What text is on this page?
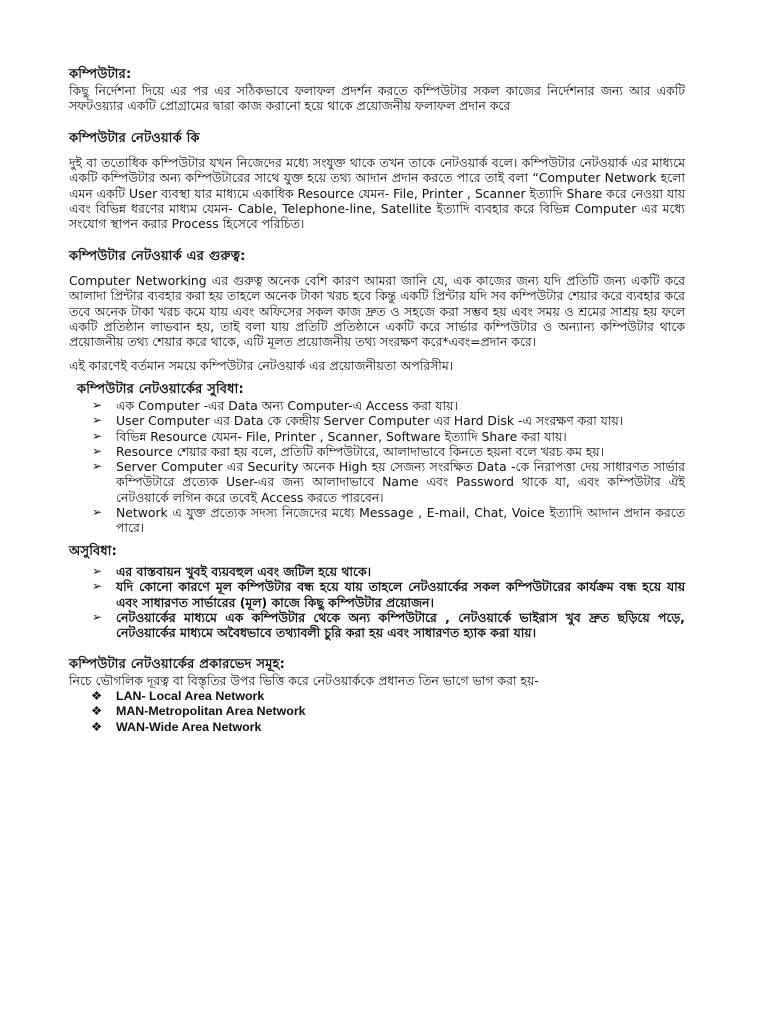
কম্পিউটার:

কিছু নির্দেশনা দিয়ে এর পর এর সঠিকভাবে ফলাফল প্রদর্শন করতে কম্পিউটার সকল কাজের নির্দেশনার জন্য আর একটি সফটওয়্যার একটি প্রোগ্রামের দ্বারা কাজ করানো হয়ে থাকে প্রয়োজনীয় ফলাফল প্রদান করে

কম্পিউটার নেটওয়ার্ক কি

দুই বা ততোধিক কম্পিউটার যখন নিজেদের মধ্যে সংযুক্ত থাকে তখন তাকে নেটওয়ার্ক বলে। কম্পিউটার নেটওয়ার্ক এর মাধ্যমে একটি কম্পিউটার অন্য কম্পিউটারের সাথে যুক্ত হয়ে তথ্য আদান প্রদান করতে পারে তাই বলা “Computer Network হলো এমন একটি User ব্যবস্থা যার মাধ্যমে একাধিক Resource যেমন- File, Printer , Scanner ইত্যাদি Share করে নেওয়া যায় এবং বিভিন্ন ধরণের মাধ্যম যেমন- Cable, Telephone-line, Satellite ইত্যাদি ব্যবহার করে বিভিন্ন Computer এর মধ্যে সংযোগ স্থাপন করার Process হিসেবে পরিচিত।

কম্পিউটার নেটওয়ার্ক এর গুরুত্ব:

Computer Networking এর গুরুত্ব অনেক বেশি কারণ আমরা জানি যে, এক কাজের জন্য যদি প্রতিটি জন্য একটি করে আলাদা প্রিন্টার ব্যবহার করা হয় তাহলে অনেক টাকা খরচ হবে কিন্তু একটি প্রিন্টার যদি সব কম্পিউটার শেয়ার করে ব্যবহার করে তবে অনেক টাকা খরচ কমে যায় এবং অফিসের সকল কাজ দ্রুত ও সহজে করা সম্ভব হয় এবং সময় ও শ্রমের সাশ্রয় হয় ফলে একটি প্রতিষ্ঠান লাভবান হয়, তাই বলা যায় প্রতিটি প্রতিষ্ঠানে একটি করে সার্ভার কম্পিউটার ও অন্যান্য কম্পিউটার থাকে প্রয়োজনীয় তথ্য শেয়ার করে থাকে, এটি মূলত প্রয়োজনীয় তথ্য সংরক্ষণ করে*এবং=প্রদান করে।

এই কারণেই বর্তমান সময়ে কম্পিউটার নেটওয়ার্ক এর প্রয়োজনীয়তা অপরিসীম।

কম্পিউটার নেটওয়ার্কের সুবিধা:

➢ এক Computer -এর Data অন্য Computer-এ Access করা যায়।
➢ User Computer এর Data কে কেন্দ্রীয় Server Computer এর Hard Disk -এ সংরক্ষণ করা যায়।
➢ বিভিন্ন Resource যেমন- File, Printer , Scanner, Software ইত্যাদি Share করা যায়।
➢ Resource শেয়ার করা হয় বলে, প্রতিটি কম্পিউটারে, আলাদাভাবে কিনতে হয়না বলে খরচ কম হয়।
➢ Server Computer এর Security অনেক High হয় সেজন্য সংরক্ষিত Data -কে নিরাপত্তা দেয় সাধারণত সার্ভার কম্পিউটারে প্রত্যেক User-এর জন্য আলাদাভাবে Name এবং Password থাকে যা, এবং কম্পিউটার ঐই নেটওয়ার্কে লগিন করে তবেই Access করতে পারবেন।
➢ Network এ যুক্ত প্রত্যেক সদস্য নিজেদের মধ্যে Message , E-mail, Chat, Voice ইত্যাদি আদান প্রদান করতে পারে।

অসুবিধা:

➢ এর বাস্তবায়ন খুবই ব্যয়বহুল এবং জটিল হয়ে থাকে।
➢ যদি কোনো কারণে মূল কম্পিউটার বন্ধ হয়ে যায় তাহলে নেটওয়ার্কের সকল কম্পিউটারের কার্যক্রম বন্ধ হয়ে যায় এবং সাধারণত সার্ভারের (মূল) কাজে কিছু কম্পিউটার প্রয়োজন।
➢ নেটওয়ার্কের মাধ্যমে এক কম্পিউটার থেকে অন্য কম্পিউটারে , নেটওয়ার্কে ভাইরাস খুব দ্রুত ছড়িয়ে পড়ে, নেটওয়ার্কের মাধ্যমে অবৈধভাবে তথ্যাবলী চুরি করা হয় এবং সাধারণত হ্যাক করা যায়।

কম্পিউটার নেটওয়ার্কের প্রকারভেদ সমূহ:

নিচে ভৌগলিক দূরত্ব বা বিস্তৃতির উপর ভিত্তি করে নেটওয়ার্ককে প্রধানত তিন ভাগে ভাগ করা হয়-

❖ LAN- Local Area Network
❖ MAN-Metropolitan Area Network
❖ WAN-Wide Area Network
